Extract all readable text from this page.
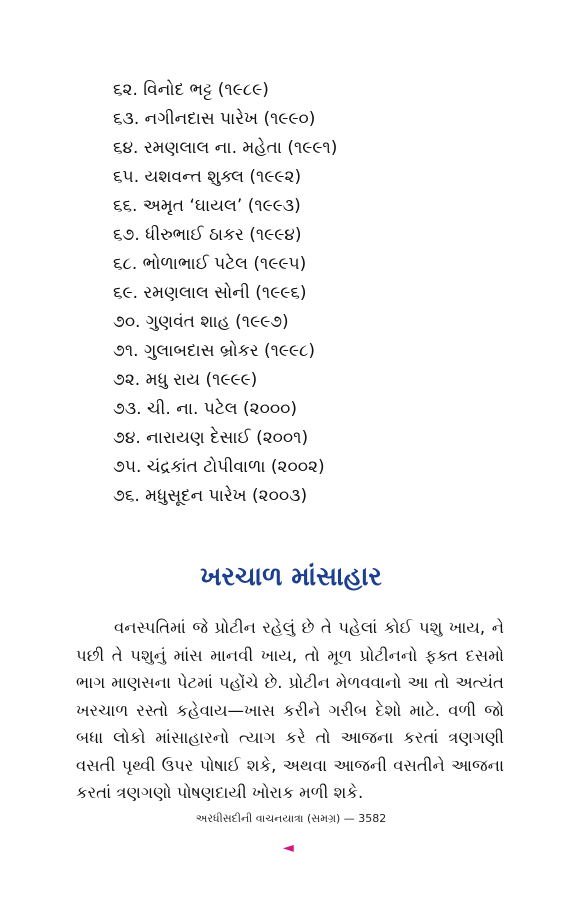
૬૨. વિનોદ ભટ્ટ (૧૯૮૯)
૬૩. નગીનદાસ પારેખ (૧૯૯૦)
૬૪. રમણલાલ ના. મહેતા (૧૯૯૧)
૬૫. યશવન્ત શુક્લ (૧૯૯૨)
૬૬. અમૃત ‘ઘાયલ’ (૧૯૯૩)
૬૭. ધીરુભાઈ ઠાકર (૧૯૯૪)
૬૮. ભોળાભાઈ પટેલ (૧૯૯૫)
૬૯. રમણલાલ સોની (૧૯૯૬)
૭૦. ગુણવંત શાહ (૧૯૯૭)
૭૧. ગુલાબદાસ બ્રોકર (૧૯૯૮)
૭૨. મધુ રાય (૧૯૯૯)
૭૩. ચી. ના. પટેલ (૨૦૦૦)
૭૪. નારાયણ દેસાઈ (૨૦૦૧)
૭૫. ચંદ્રકાંત ટોપીવાળા (૨૦૦૨)
૭૬. મધુસૂદન પારેખ (૨૦૦૩)
ખરચાળ માંસાહાર

વનસ્પતિમાં જે પ્રોટીન રહેલું છે તે પહેલાં કોઈ પશુ ખાય, ને પછી તે પશુનું માંસ માનવી ખાય, તો મૂળ પ્રોટીનનો ફક્ત દસમો ભાગ માણસના પેટમાં પહોંચે છે. પ્રોટીન મેળવવાનો આ તો અત્યંત ખરચાળ રસ્તો કહેવાય—ખાસ કરીને ગરીબ દેશો માટે. વળી જો બધા લોકો માંસાહારનો ત્યાગ કરે તો આજના કરતાં ત્રણગણી વસતી પૃથ્વી ઉપર પોષાઈ શકે, અથવા આજની વસતીને આજના કરતાં ત્રણગણો પોષણદાયી ખોરાક મળી શકે.

અરધીસદીની વાચનયાત્રા (સમગ્ર) — 3582
◄
